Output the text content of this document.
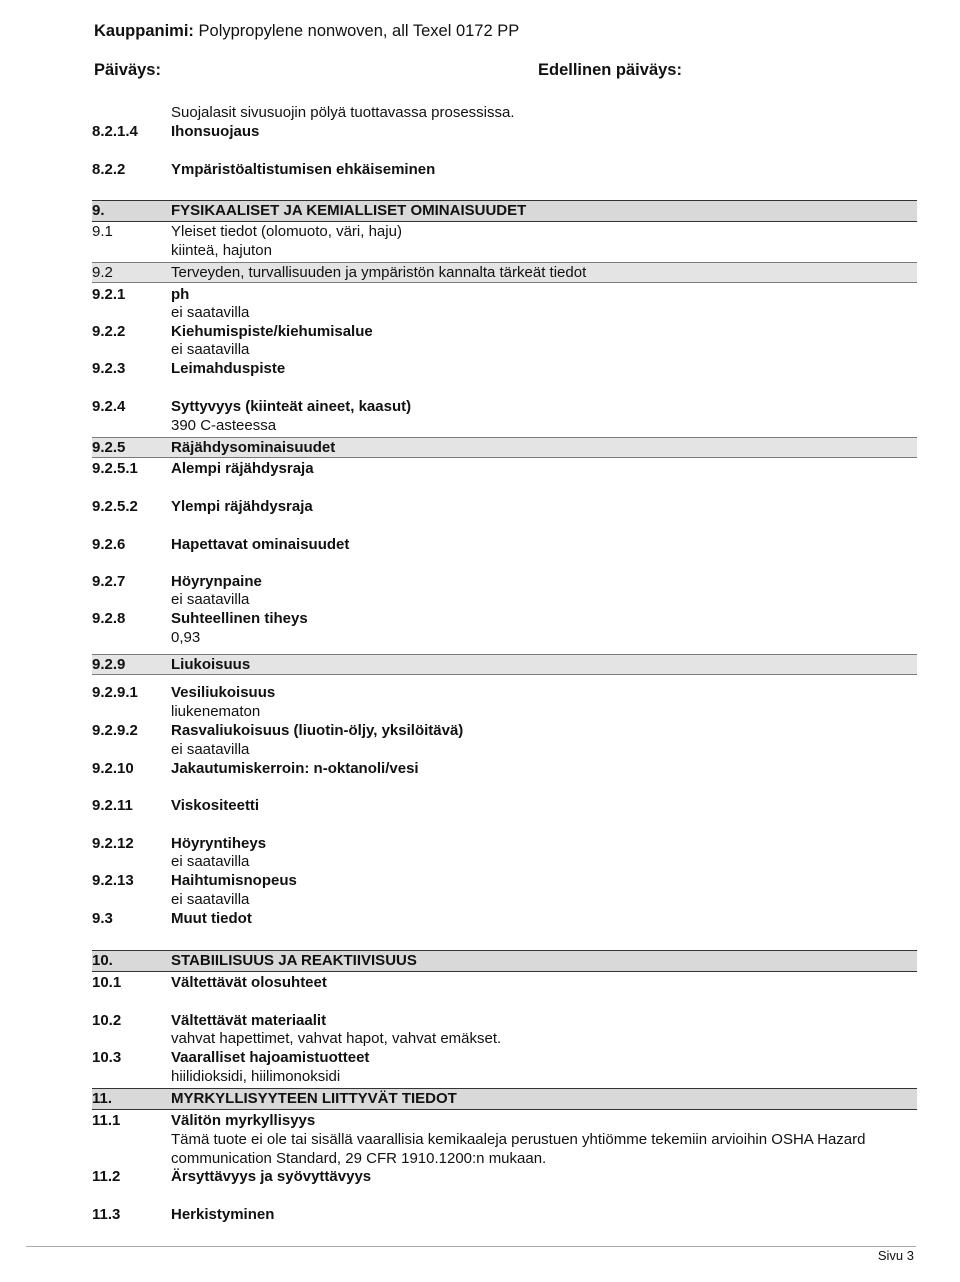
Kauppanimi: Polypropylene nonwoven, all Texel 0172 PP
Päiväys:	Edellinen päiväys:
Suojalasit sivusuojin pölyä tuottavassa prosessissa.
8.2.1.4 Ihonsuojaus
8.2.2	Ympäristöaltistumisen ehkäiseminen
9.	FYSIKAALISET JA KEMIALLISET OMINAISUUDET
9.1	Yleiset tiedot (olomuoto, väri, haju)
kiinteä, hajuton
9.2	Terveyden, turvallisuuden ja ympäristön kannalta tärkeät tiedot
9.2.1	ph
ei saatavilla
9.2.2	Kiehumispiste/kiehumisalue
ei saatavilla
9.2.3	Leimahduspiste
9.2.4	Syttyvyys (kiinteät aineet, kaasut)
390 C-asteessa
9.2.5	Räjähdysominaisuudet
9.2.5.1 Alempi räjähdysraja
9.2.5.2 Ylempi räjähdysraja
9.2.6	Hapettavat ominaisuudet
9.2.7	Höyrynpaine
ei saatavilla
9.2.8	Suhteellinen tiheys
0,93
9.2.9	Liukoisuus
9.2.9.1 Vesiliukoisuus
liukenematon
9.2.9.2 Rasvaliukoisuus (liuotin-öljy, yksilöitävä)
ei saatavilla
9.2.10 Jakautumiskerroin: n-oktanoli/vesi
9.2.11	Viskositeetti
9.2.12 Höyryntiheys
ei saatavilla
9.2.13 Haihtumisnopeus
ei saatavilla
9.3	Muut tiedot
10.	STABIILISUUS JA REAKTIIVISUUS
10.1	Vältettävät olosuhteet
10.2	Vältettävät materiaalit
vahvat hapettimet, vahvat hapot, vahvat emäkset.
10.3	Vaaralliset hajoamistuotteet
hiilidioksidi, hiilimonoksidi
11.	MYRKYLLISYYTEEN LIITTYVÄT TIEDOT
11.1	Välitön myrkyllisyys
Tämä tuote ei ole tai sisällä vaarallisia kemikaaleja perustuen yhtiömme tekemiin arvioihin OSHA Hazard communication Standard, 29 CFR 1910.1200:n mukaan.
11.2	Ärsyttävyys ja syövyttävyys
11.3	Herkistyminen
Sivu 3
